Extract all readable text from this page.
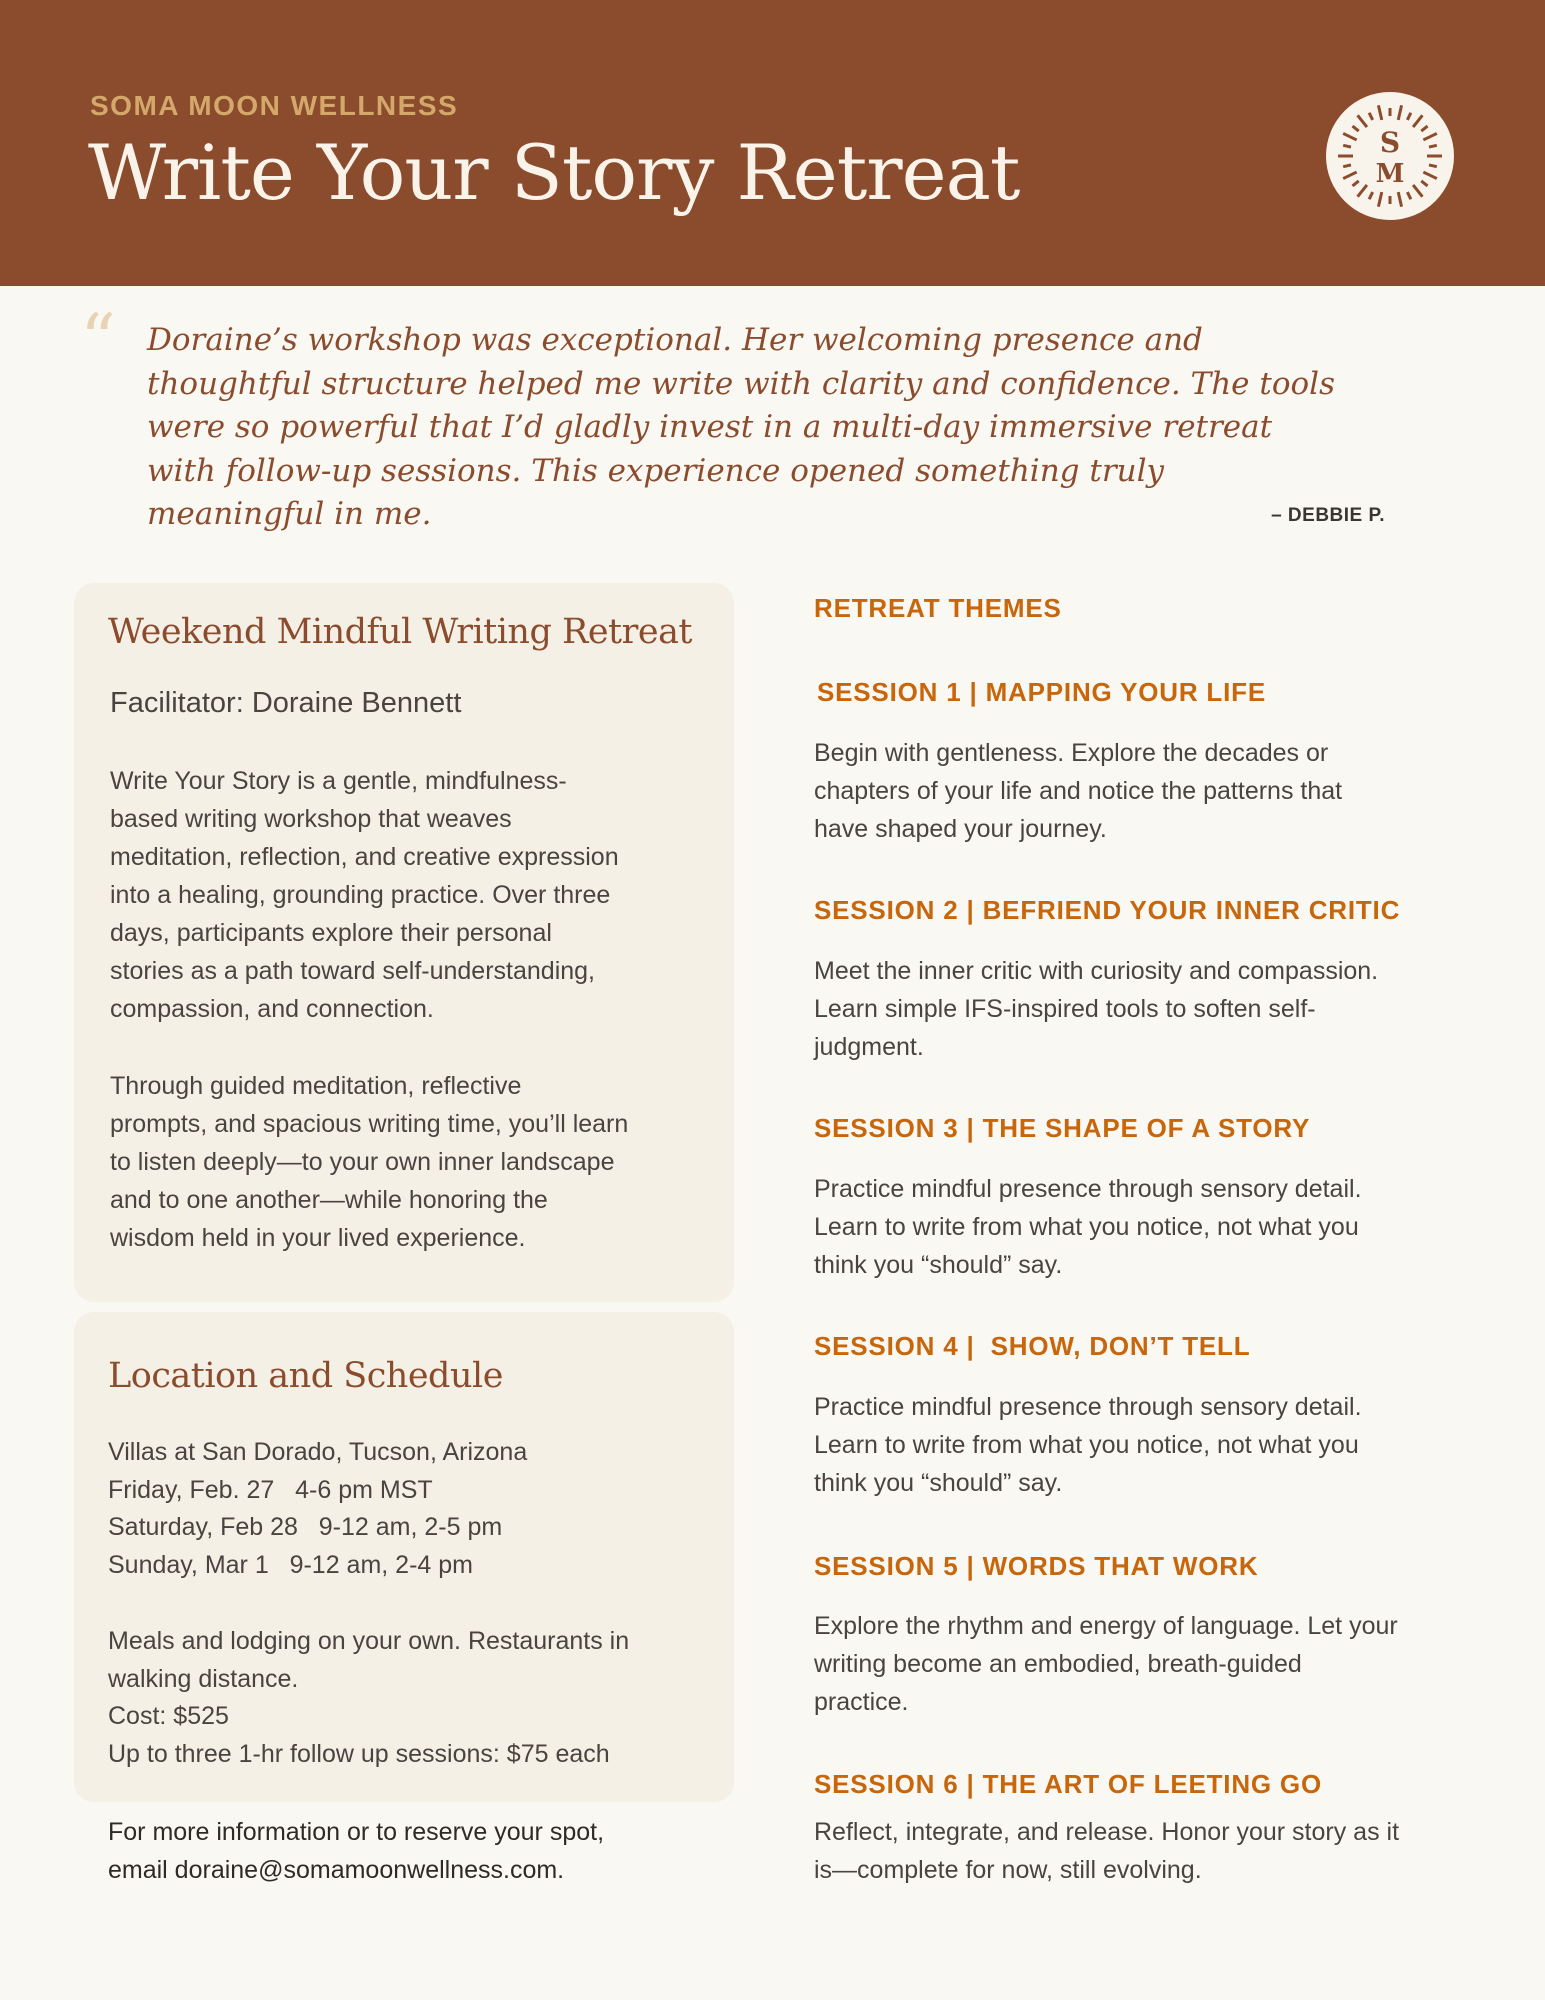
SOMA MOON WELLNESS
Write Your Story Retreat	S
M
“ Doraine’s workshop was exceptional. Her welcoming presence and
thoughtful structure helped me write with clarity and confidence. The tools
were so powerful that I’d gladly invest in a multi-day immersive retreat
with follow-up sessions. This experience opened something truly
meaningful in me.	– DEBBIE P.
Weekend Mindful Writing Retreat
Facilitator: Doraine Bennett
Write Your Story is a gentle, mindfulness-
based writing workshop that weaves
meditation, reflection, and creative expression
into a healing, grounding practice. Over three
days, participants explore their personal
stories as a path toward self-understanding,
compassion, and connection.
Through guided meditation, reflective
prompts, and spacious writing time, you’ll learn
to listen deeply—to your own inner landscape
and to one another—while honoring the
wisdom held in your lived experience.
Location and Schedule
Villas at San Dorado, Tucson, Arizona
Friday, Feb. 27   4-6 pm MST
Saturday, Feb 28   9-12 am, 2-5 pm
Sunday, Mar 1   9-12 am, 2-4 pm
Meals and lodging on your own. Restaurants in
walking distance.
Cost: $525
Up to three 1-hr follow up sessions: $75 each
For more information or to reserve your spot,
email doraine@somamoonwellness.com.
RETREAT THEMES
SESSION 1 | MAPPING YOUR LIFE
Begin with gentleness. Explore the decades or
chapters of your life and notice the patterns that
have shaped your journey.
SESSION 2 | BEFRIEND YOUR INNER CRITIC
Meet the inner critic with curiosity and compassion.
Learn simple IFS-inspired tools to soften self-
judgment.
SESSION 3 | THE SHAPE OF A STORY
Practice mindful presence through sensory detail.
Learn to write from what you notice, not what you
think you “should” say.
SESSION 4 |  SHOW, DON’T TELL
Practice mindful presence through sensory detail.
Learn to write from what you notice, not what you
think you “should” say.
SESSION 5 | WORDS THAT WORK
Explore the rhythm and energy of language. Let your
writing become an embodied, breath-guided
practice.
SESSION 6 | THE ART OF LEETING GO
Reflect, integrate, and release. Honor your story as it
is—complete for now, still evolving.
